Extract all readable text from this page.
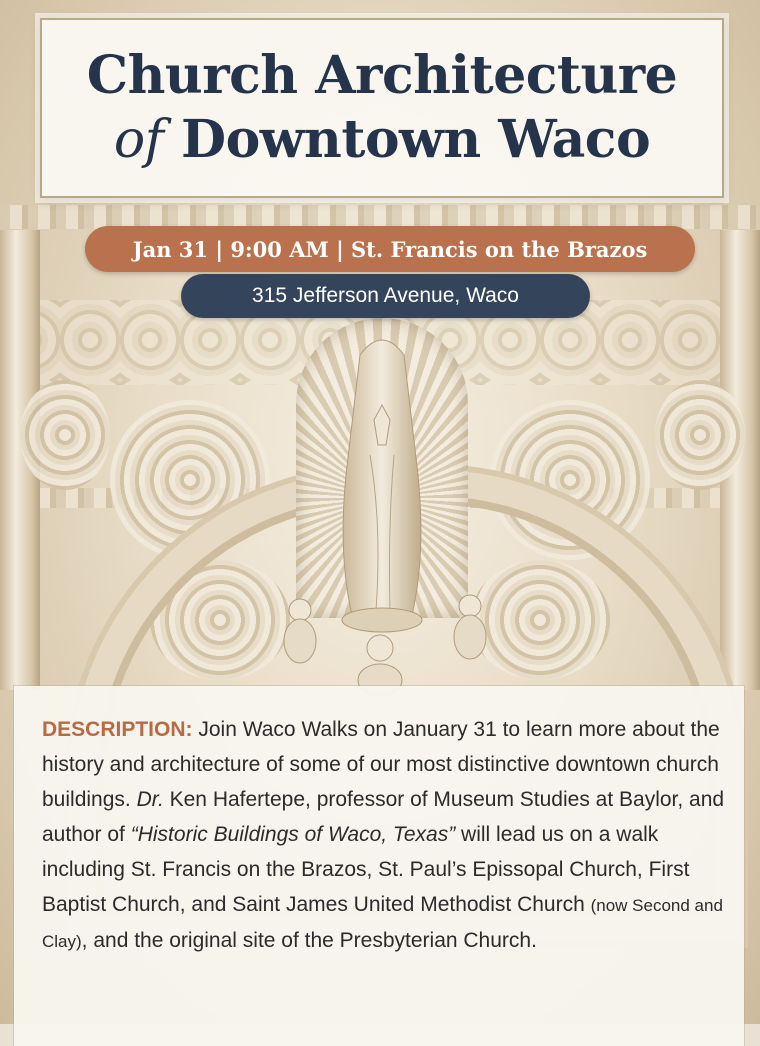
Church Architecture
of Downtown Waco
Jan 31
|
9:00 AM
|
St. Francis on the Brazos
315 Jefferson Avenue, Waco
DESCRIPTION: Join Waco Walks on January 31 to learn more about the history and architecture of some of our most distinctive downtown church buildings. Dr. Ken Hafertepe, professor of Museum Studies at Baylor, and author of “Historic Buildings of Waco, Texas” will lead us on a walk including St. Francis on the Brazos, St. Paul’s Epissopal Church, First Baptist Church, and Saint James United Methodist Church (now Second and Clay), and the original site of the Presbyterian Church.
